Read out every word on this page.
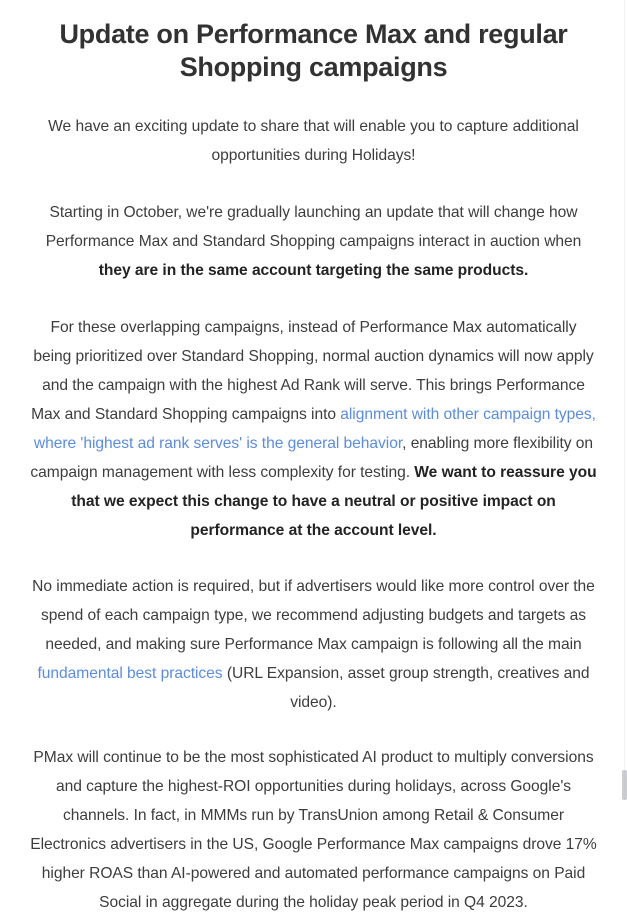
Update on Performance Max and regular Shopping campaigns

We have an exciting update to share that will enable you to capture additional opportunities during Holidays!

Starting in October, we're gradually launching an update that will change how Performance Max and Standard Shopping campaigns interact in auction when they are in the same account targeting the same products.

For these overlapping campaigns, instead of Performance Max automatically being prioritized over Standard Shopping, normal auction dynamics will now apply and the campaign with the highest Ad Rank will serve. This brings Performance Max and Standard Shopping campaigns into alignment with other campaign types, where 'highest ad rank serves' is the general behavior, enabling more flexibility on campaign management with less complexity for testing. We want to reassure you that we expect this change to have a neutral or positive impact on performance at the account level.

No immediate action is required, but if advertisers would like more control over the spend of each campaign type, we recommend adjusting budgets and targets as needed, and making sure Performance Max campaign is following all the main fundamental best practices (URL Expansion, asset group strength, creatives and video).

PMax will continue to be the most sophisticated AI product to multiply conversions and capture the highest-ROI opportunities during holidays, across Google's channels. In fact, in MMMs run by TransUnion among Retail & Consumer Electronics advertisers in the US, Google Performance Max campaigns drove 17% higher ROAS than AI-powered and automated performance campaigns on Paid Social in aggregate during the holiday peak period in Q4 2023.
